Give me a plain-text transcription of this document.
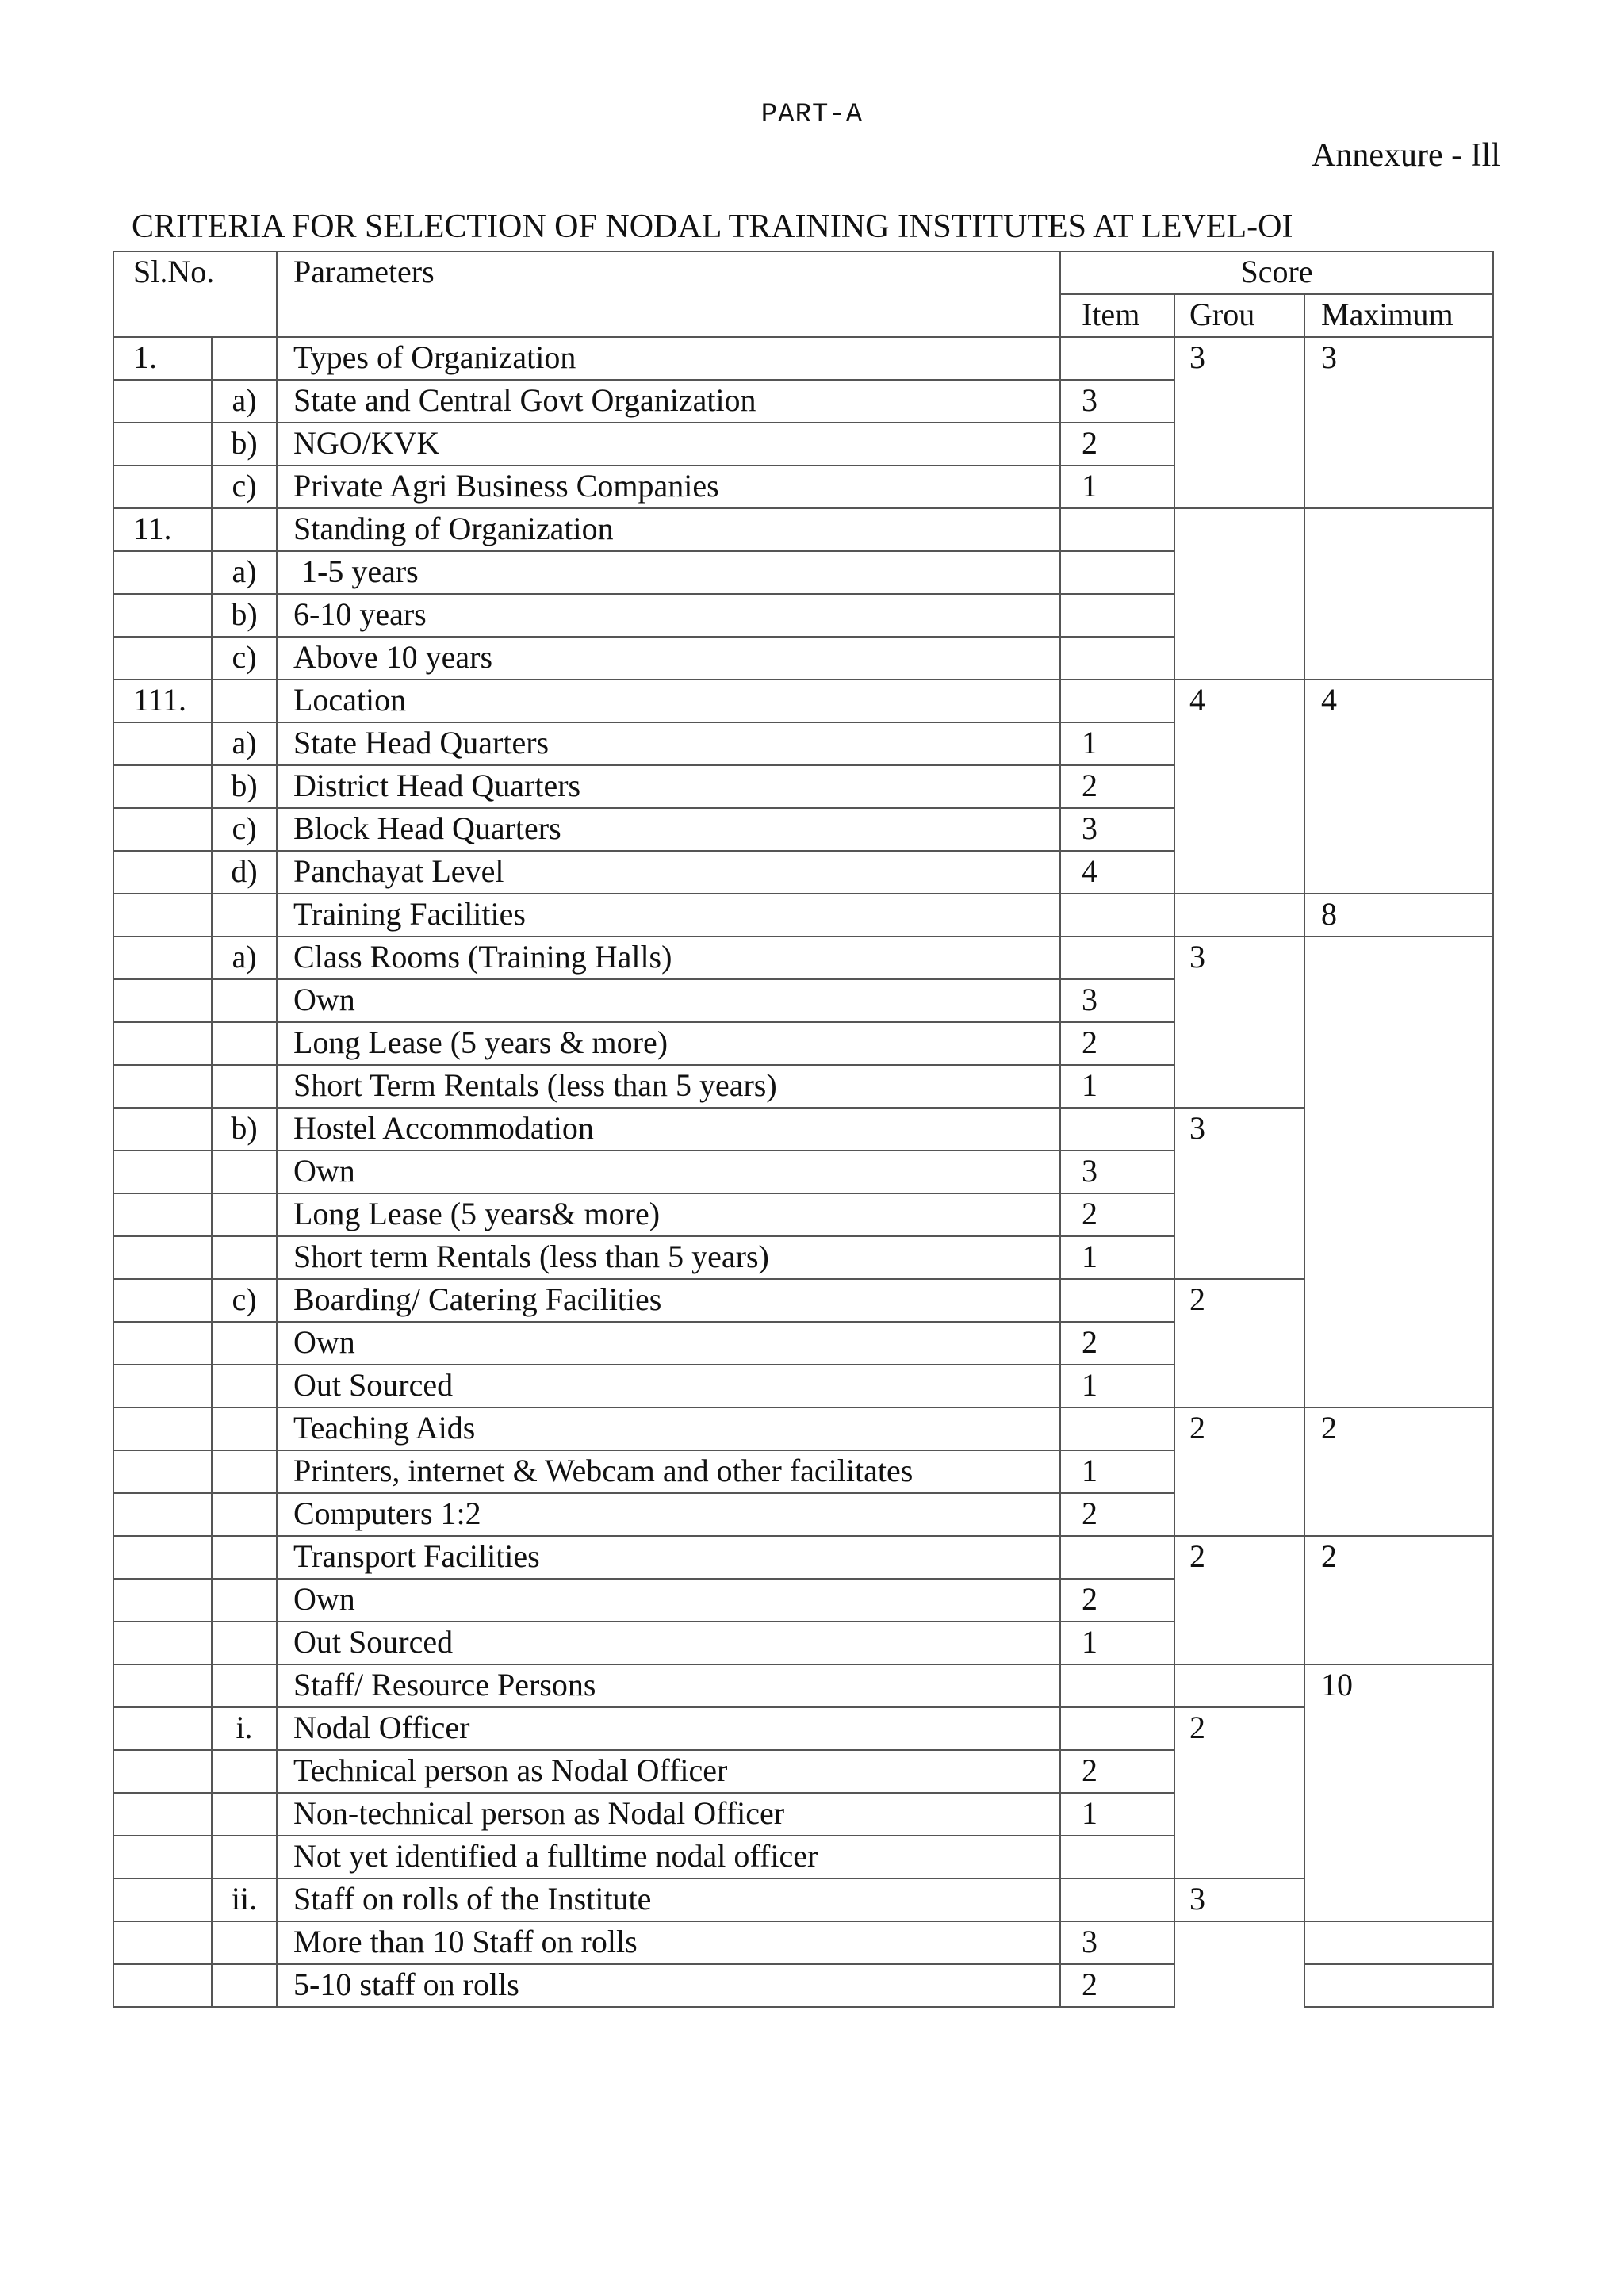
PART-A
Annexure - Ill
CRITERIA FOR SELECTION OF NODAL TRAINING INSTITUTES AT LEVEL-OI
Sl.No.		Parameters	Score		
			Item	Grou	Maximum
1.		Types of Organization		3	3
	a)	State and Central Govt Organization	3		
	b)	NGO/KVK	2		
	c)	Private Agri Business Companies	1		
11.		Standing of Organization			
	a)	1-5 years			
	b)	6-10 years			
	c)	Above 10 years			
111.		Location		4	4
	a)	State Head Quarters	1		
	b)	District Head Quarters	2		
	c)	Block Head Quarters	3		
	d)	Panchayat Level	4		
		Training Facilities			8
	a)	Class Rooms (Training Halls)		3	
		Own	3		
		Long Lease (5 years & more)	2		
		Short Term Rentals (less than 5 years)	1		
	b)	Hostel Accommodation		3	
		Own	3		
		Long Lease (5 years& more)	2		
		Short term Rentals (less than 5 years)	1		
	c)	Boarding/ Catering Facilities		2	
		Own	2		
		Out Sourced	1		
		Teaching Aids		2	2
		Printers, internet & Webcam and other facilitates	1		
		Computers 1:2	2		
		Transport Facilities		2	2
		Own	2		
		Out Sourced	1		
		Staff/ Resource Persons			10
	i.	Nodal Officer		2	
		Technical person as Nodal Officer	2		
		Non-technical person as Nodal Officer	1		
		Not yet identified a fulltime nodal officer			
	ii.	Staff on rolls of the Institute		3	
		More than 10 Staff on rolls	3		
		5-10 staff on rolls	2		
